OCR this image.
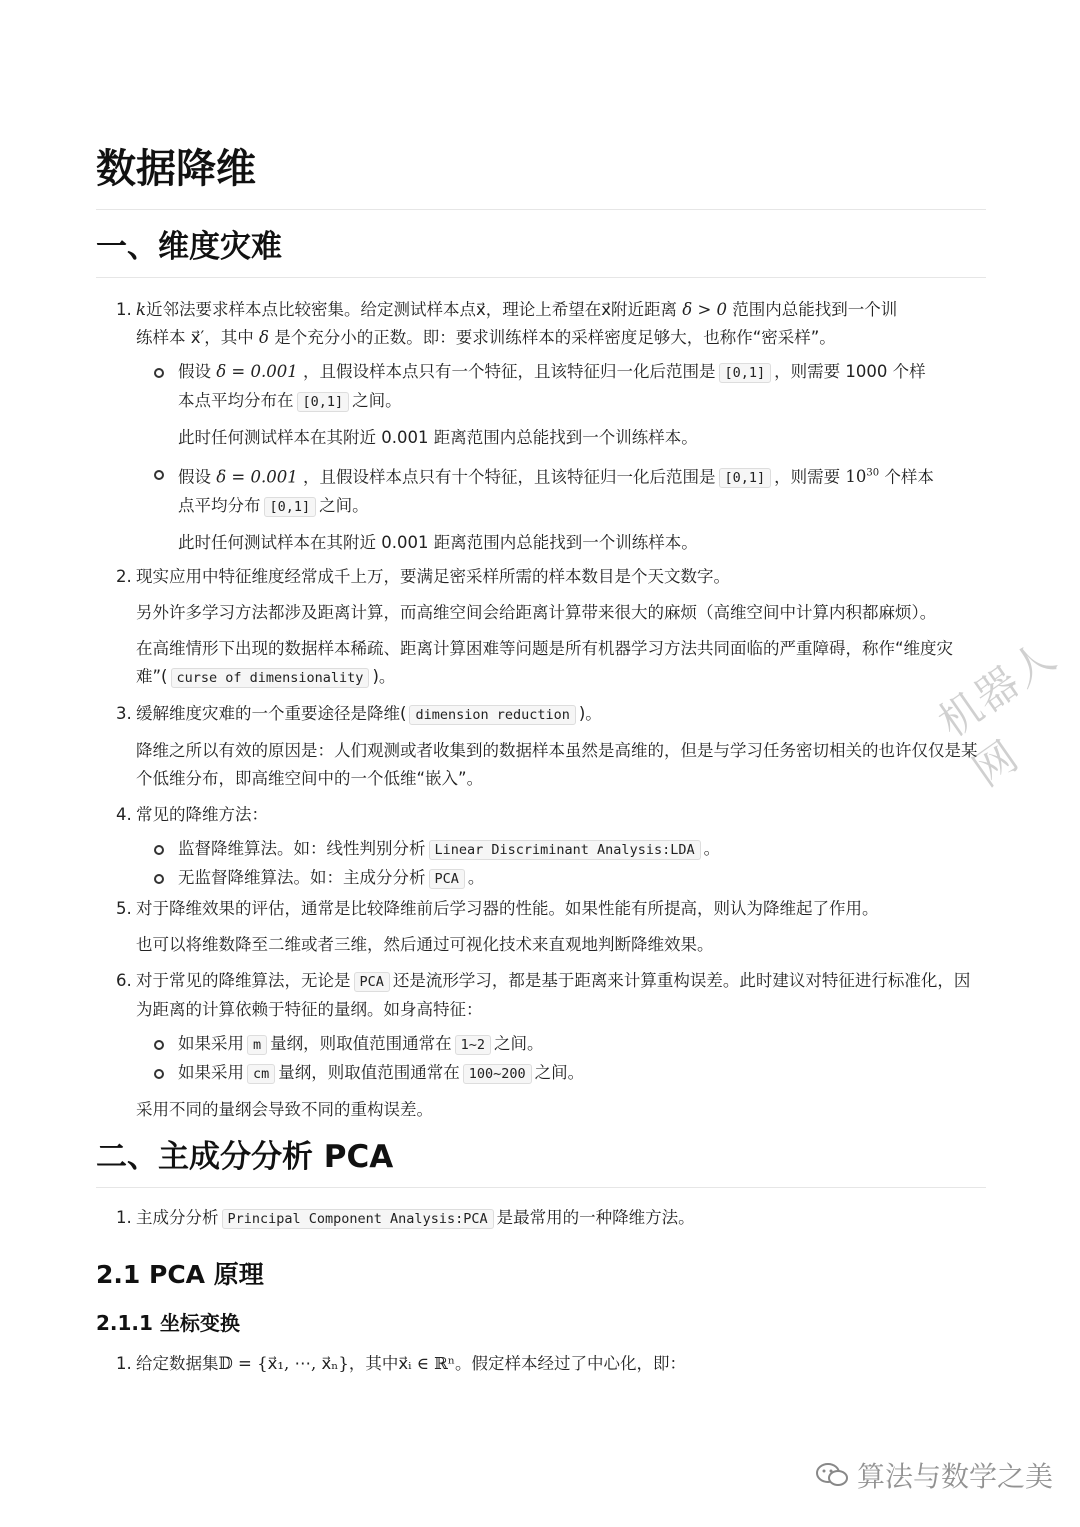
数据降维
一、维度灾难
1. k近邻法要求样本点比较密集。给定测试样本点x⃗，理论上希望在x⃗附近距离 δ > 0 范围内总能找到一个训
练样本 x⃗′，其中 δ 是个充分小的正数。即：要求训练样本的采样密度足够大，也称作“密采样”。
假设 δ = 0.001 ，且假设样本点只有一个特征，且该特征归一化后范围是 [0,1] ，则需要 1000 个样
本点平均分布在 [0,1] 之间。
此时任何测试样本在其附近 0.001 距离范围内总能找到一个训练样本。
假设 δ = 0.001 ，且假设样本点只有十个特征，且该特征归一化后范围是 [0,1] ，则需要 $10^{30}$ 个样本
点平均分布 [0,1] 之间。
此时任何测试样本在其附近 0.001 距离范围内总能找到一个训练样本。
2. 现实应用中特征维度经常成千上万，要满足密采样所需的样本数目是个天文数字。
另外许多学习方法都涉及距离计算，而高维空间会给距离计算带来很大的麻烦（高维空间中计算内积都麻烦）。
在高维情形下出现的数据样本稀疏、距离计算困难等问题是所有机器学习方法共同面临的严重障碍，称作“维度灾难”( curse of dimensionality )。
3. 缓解维度灾难的一个重要途径是降维( dimension reduction )。
降维之所以有效的原因是：人们观测或者收集到的数据样本虽然是高维的，但是与学习任务密切相关的也许仅仅是某个低维分布，即高维空间中的一个低维“嵌入”。
4. 常见的降维方法：
监督降维算法。如：线性判别分析 Linear Discriminant Analysis:LDA 。
无监督降维算法。如：主成分分析 PCA 。
5. 对于降维效果的评估，通常是比较降维前后学习器的性能。如果性能有所提高，则认为降维起了作用。
也可以将维数降至二维或者三维，然后通过可视化技术来直观地判断降维效果。
6. 对于常见的降维算法，无论是 PCA 还是流形学习，都是基于距离来计算重构误差。此时建议对特征进行标准化，因为距离的计算依赖于特征的量纲。如身高特征：
如果采用 m 量纲，则取值范围通常在 1~2 之间。
如果采用 cm 量纲，则取值范围通常在 100~200 之间。
采用不同的量纲会导致不同的重构误差。
二、主成分分析 PCA
1. 主成分分析 Principal Component Analysis:PCA 是最常用的一种降维方法。
2.1 PCA 原理
2.1.1 坐标变换
1. 给定数据集𝔻 = {x⃗₁, ⋯, x⃗ₙ}，其中x⃗ᵢ ∈ ℝⁿ。假定样本经过了中心化，即：
机器人网
算法与数学之美
